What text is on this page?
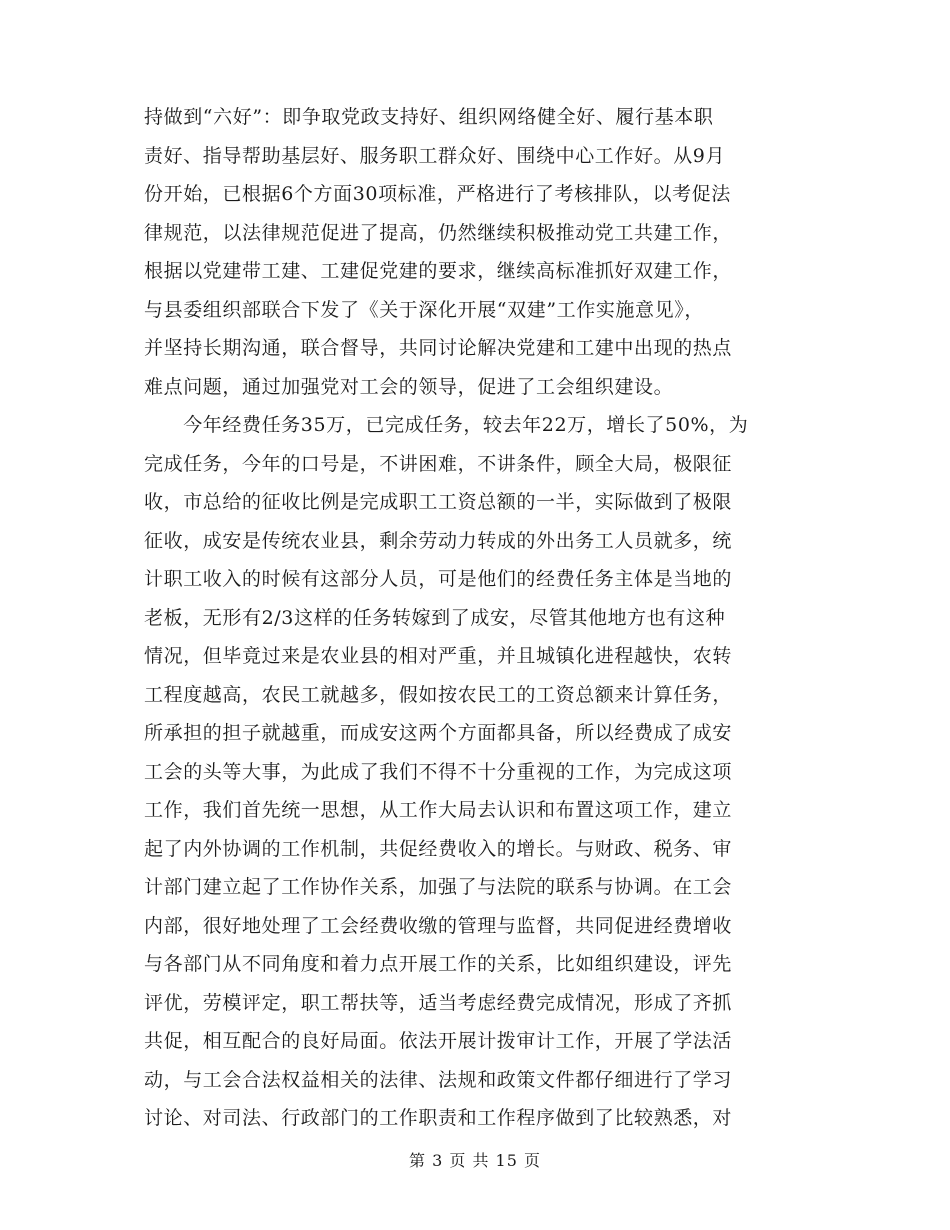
持做到“六好”：即争取党政支持好、组织网络健全好、履行基本职
责好、指导帮助基层好、服务职工群众好、围绕中心工作好。从9月
份开始，已根据6个方面30项标准，严格进行了考核排队，以考促法
律规范，以法律规范促进了提高，仍然继续积极推动党工共建工作，
根据以党建带工建、工建促党建的要求，继续高标准抓好双建工作，
与县委组织部联合下发了《关于深化开展“双建”工作实施意见》，
并坚持长期沟通，联合督导，共同讨论解决党建和工建中出现的热点
难点问题，通过加强党对工会的领导，促进了工会组织建设。
　　今年经费任务35万，已完成任务，较去年22万，增长了50%，为
完成任务，今年的口号是，不讲困难，不讲条件，顾全大局，极限征
收，市总给的征收比例是完成职工工资总额的一半，实际做到了极限
征收，成安是传统农业县，剩余劳动力转成的外出务工人员就多，统
计职工收入的时候有这部分人员，可是他们的经费任务主体是当地的
老板，无形有2/3这样的任务转嫁到了成安，尽管其他地方也有这种
情况，但毕竟过来是农业县的相对严重，并且城镇化进程越快，农转
工程度越高，农民工就越多，假如按农民工的工资总额来计算任务，
所承担的担子就越重，而成安这两个方面都具备，所以经费成了成安
工会的头等大事，为此成了我们不得不十分重视的工作，为完成这项
工作，我们首先统一思想，从工作大局去认识和布置这项工作，建立
起了内外协调的工作机制，共促经费收入的增长。与财政、税务、审
计部门建立起了工作协作关系，加强了与法院的联系与协调。在工会
内部，很好地处理了工会经费收缴的管理与监督，共同促进经费增收
与各部门从不同角度和着力点开展工作的关系，比如组织建设，评先
评优，劳模评定，职工帮扶等，适当考虑经费完成情况，形成了齐抓
共促，相互配合的良好局面。依法开展计拨审计工作，开展了学法活
动，与工会合法权益相关的法律、法规和政策文件都仔细进行了学习
讨论、对司法、行政部门的工作职责和工作程序做到了比较熟悉，对
第 3 页 共 15 页
